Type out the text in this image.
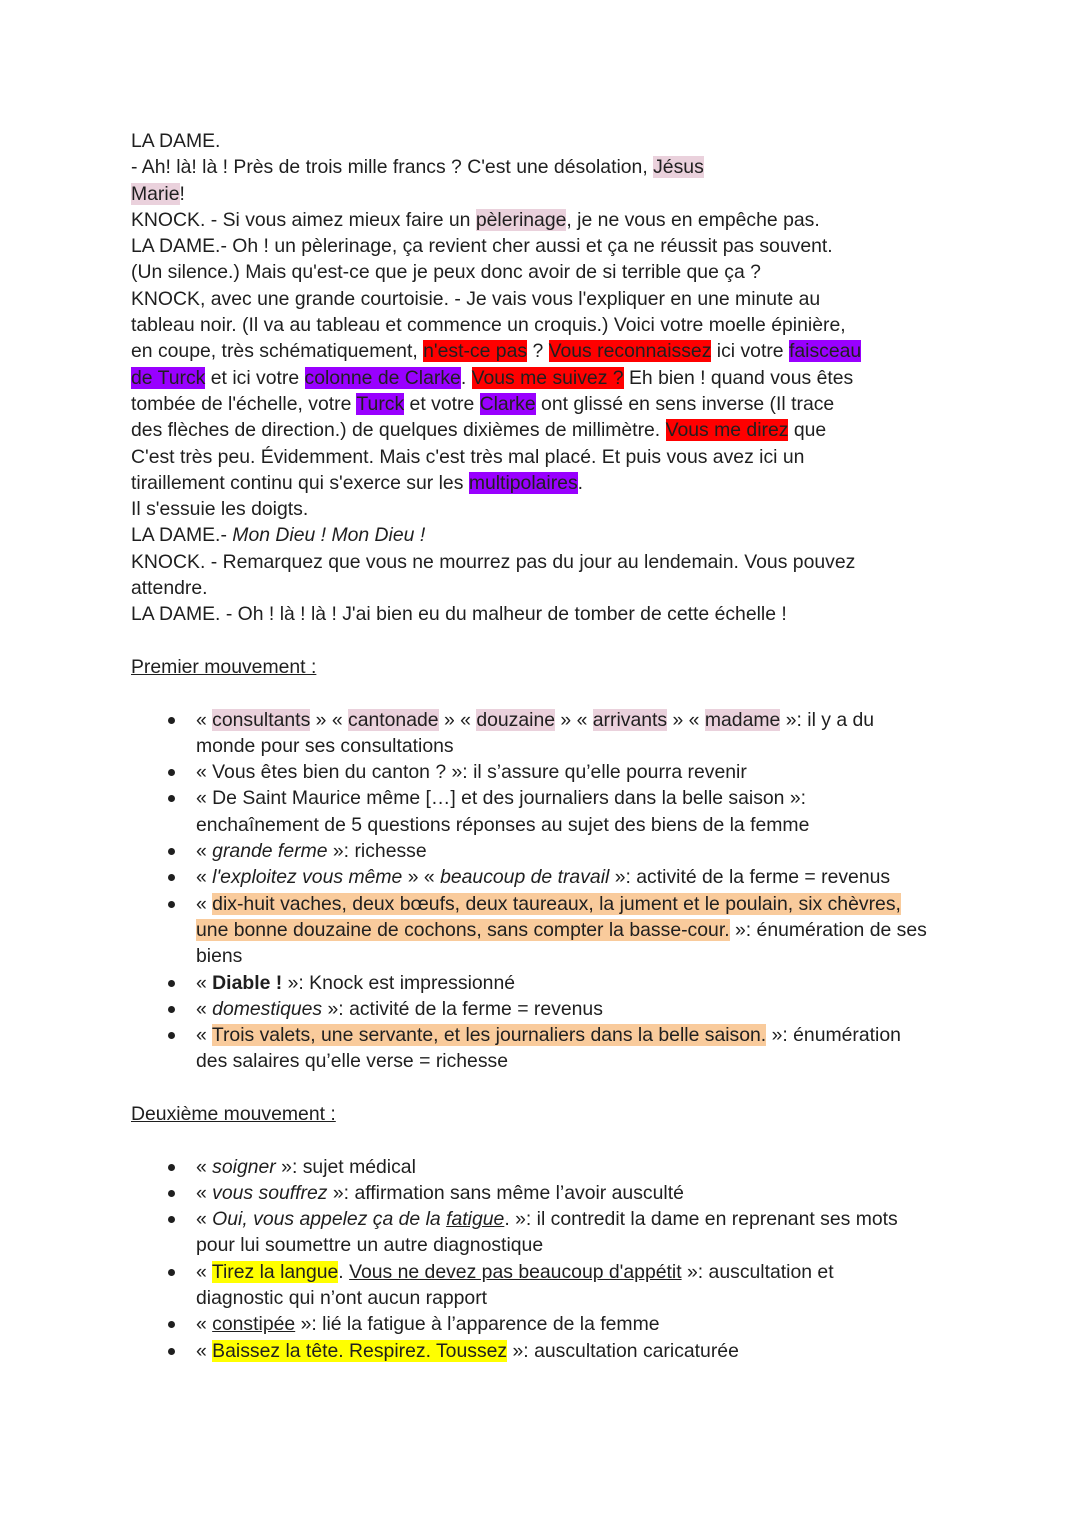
LA DAME.
- Ah! là! là ! Près de trois mille francs ? C'est une désolation, Jésus
Marie!
KNOCK. - Si vous aimez mieux faire un pèlerinage, je ne vous en empêche pas.
LA DAME.- Oh ! un pèlerinage, ça revient cher aussi et ça ne réussit pas souvent.
(Un silence.) Mais qu'est-ce que je peux donc avoir de si terrible que ça ?
KNOCK, avec une grande courtoisie. - Je vais vous l'expliquer en une minute au
tableau noir. (Il va au tableau et commence un croquis.) Voici votre moelle épinière,
en coupe, très schématiquement, n'est-ce pas ? Vous reconnaissez ici votre faisceau
de Turck et ici votre colonne de Clarke. Vous me suivez ? Eh bien ! quand vous êtes
tombée de l'échelle, votre Turck et votre Clarke ont glissé en sens inverse (Il trace
des flèches de direction.) de quelques dixièmes de millimètre. Vous me direz que
C'est très peu. Évidemment. Mais c'est très mal placé. Et puis vous avez ici un
tiraillement continu qui s'exerce sur les multipolaires.
Il s'essuie les doigts.
LA DAME.- Mon Dieu ! Mon Dieu !
KNOCK. - Remarquez que vous ne mourrez pas du jour au lendemain. Vous pouvez
attendre.
LA DAME. - Oh ! là ! là ! J'ai bien eu du malheur de tomber de cette échelle !
Premier mouvement :
« consultants » « cantonade » « douzaine » « arrivants » « madame »: il y a du
monde pour ses consultations
« Vous êtes bien du canton ? »: il s’assure qu’elle pourra revenir
« De Saint Maurice même […] et des journaliers dans la belle saison »:
enchaînement de 5 questions réponses au sujet des biens de la femme
« grande ferme »: richesse
« l'exploitez vous même » « beaucoup de travail »: activité de la ferme = revenus
« dix-huit vaches, deux bœufs, deux taureaux, la jument et le poulain, six chèvres,
une bonne douzaine de cochons, sans compter la basse-cour. »: énumération de ses
biens
« Diable ! »: Knock est impressionné
« domestiques »: activité de la ferme = revenus
« Trois valets, une servante, et les journaliers dans la belle saison. »: énumération
des salaires qu’elle verse = richesse
Deuxième mouvement :
« soigner »: sujet médical
« vous souffrez »: affirmation sans même l’avoir ausculté
« Oui, vous appelez ça de la fatigue. »: il contredit la dame en reprenant ses mots
pour lui soumettre un autre diagnostique
« Tirez la langue. Vous ne devez pas beaucoup d'appétit »: auscultation et
diagnostic qui n’ont aucun rapport
« constipée »: lié la fatigue à l’apparence de la femme
« Baissez la tête. Respirez. Toussez »: auscultation caricaturée
